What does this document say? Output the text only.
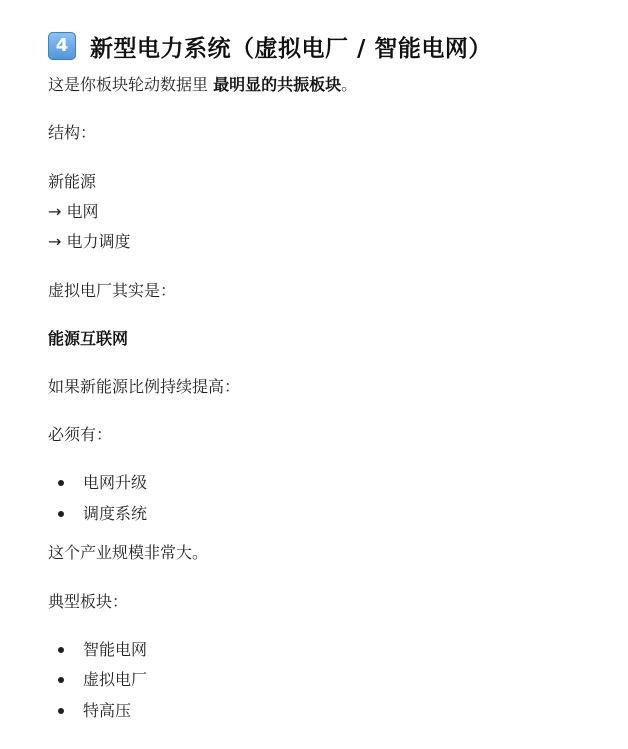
4 新型电力系统（虚拟电厂 / 智能电网）
这是你板块轮动数据里 最明显的共振板块。
结构：
新能源
→ 电网
→ 电力调度
虚拟电厂其实是：
能源互联网
如果新能源比例持续提高：
必须有：
电网升级
调度系统
这个产业规模非常大。
典型板块：
智能电网
虚拟电厂
特高压
